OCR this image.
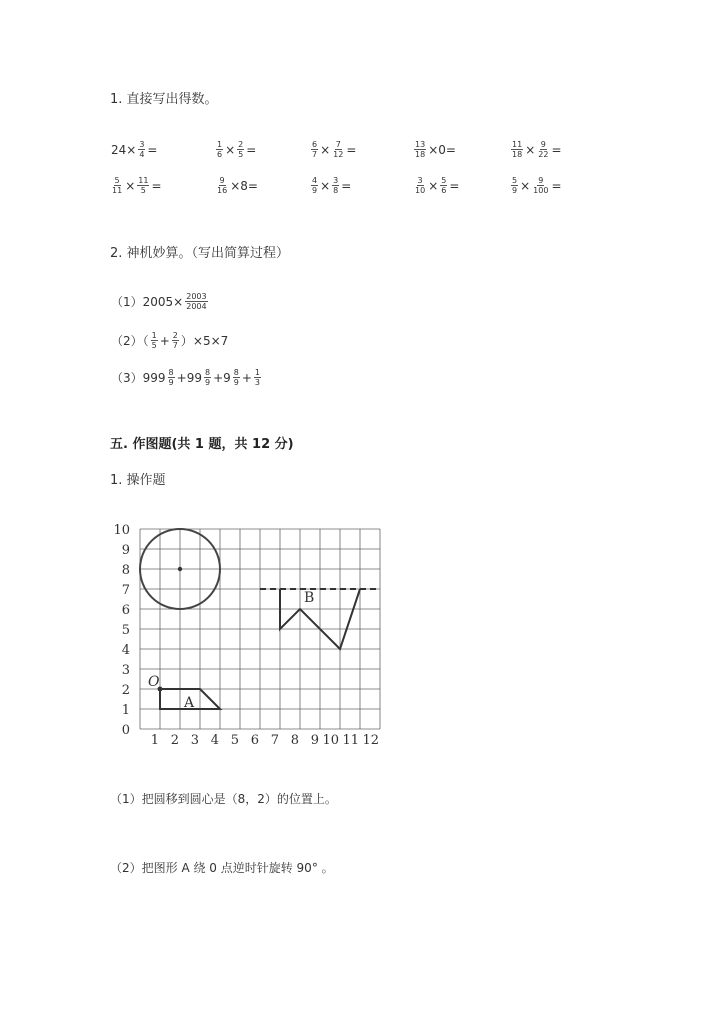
1. 直接写出得数。
$24\times \frac{3}{4}$ =	$\frac{1}{6} \times \frac{2}{5}$ =	$\frac{6}{7} \times \frac{7}{12}$ =	$\frac{13}{18} \times 0=$	$\frac{11}{18} \times \frac{9}{22}$ =
$\frac{5}{11} \times \frac{11}{5}$ =	$\frac{9}{16} \times 8=$	$\frac{4}{9} \times \frac{3}{8}$ =	$\frac{3}{10} \times \frac{5}{6}$ =	$\frac{5}{9} \times \frac{9}{100}$ =
2. 神机妙算。（写出简算过程）
$(1)2005\times \frac{2003}{2004}$
$(2)( \frac{1}{5} + \frac{2}{7} )\times 5\times 7$
$(3)999 \frac{8}{9} +99 \frac{8}{9} +9 \frac{8}{9} + \frac{1}{3}$
五. 作图题(共 1 题，共 12 分)
1. 操作题
1 2 3 4 5 6 7 8 9 10 11 12
0
1
2
3
4
5
6
7
8
9
10
O
A
B
（1）把圆移到圆心是（8，2）的位置上。
（2）把图形 A 绕 0 点逆时针旋转 90° 。
